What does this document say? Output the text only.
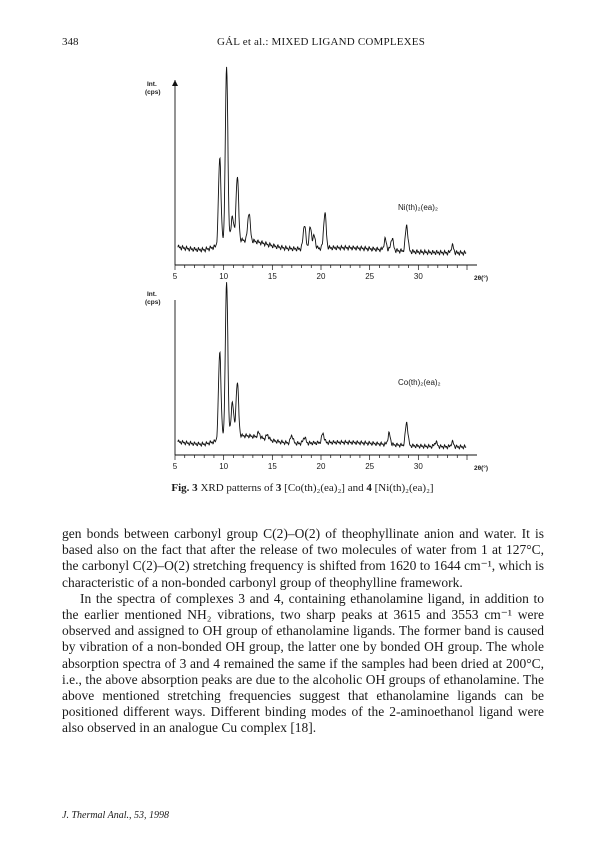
348	GÁL et al.: MIXED LIGAND COMPLEXES
5	10	15	20	25	30	2θ(°)
Int.
(cps)
Ni(th)₂(ea)₂
5	10	15	20	25	30	2θ(°)
Int.
(cps)
Co(th)₂(ea)₂
Fig. 3 XRD patterns of 3 [Co(th)₂(ea)₂] and 4 [Ni(th)₂(ea)₂]

gen bonds between carbonyl group C(2)–O(2) of theophyllinate anion and water. It is based also on the fact that after the release of two molecules of water from 1 at 127°C, the carbonyl C(2)–O(2) stretching frequency is shifted from 1620 to 1644 cm⁻¹, which is characteristic of a non-bonded carbonyl group of theophylline framework.

In the spectra of complexes 3 and 4, containing ethanolamine ligand, in addition to the earlier mentioned NH₂ vibrations, two sharp peaks at 3615 and 3553 cm⁻¹ were observed and assigned to OH group of ethanolamine ligands. The former band is caused by vibration of a non-bonded OH group, the latter one by bonded OH group. The whole absorption spectra of 3 and 4 remained the same if the samples had been dried at 200°C, i.e., the above absorption peaks are due to the alcoholic OH groups of ethanolamine. The above mentioned stretching frequencies suggest that ethanolamine ligands can be positioned different ways. Different binding modes of the 2-aminoethanol ligand were also observed in an analogue Cu complex [18].

J. Thermal Anal., 53, 1998
